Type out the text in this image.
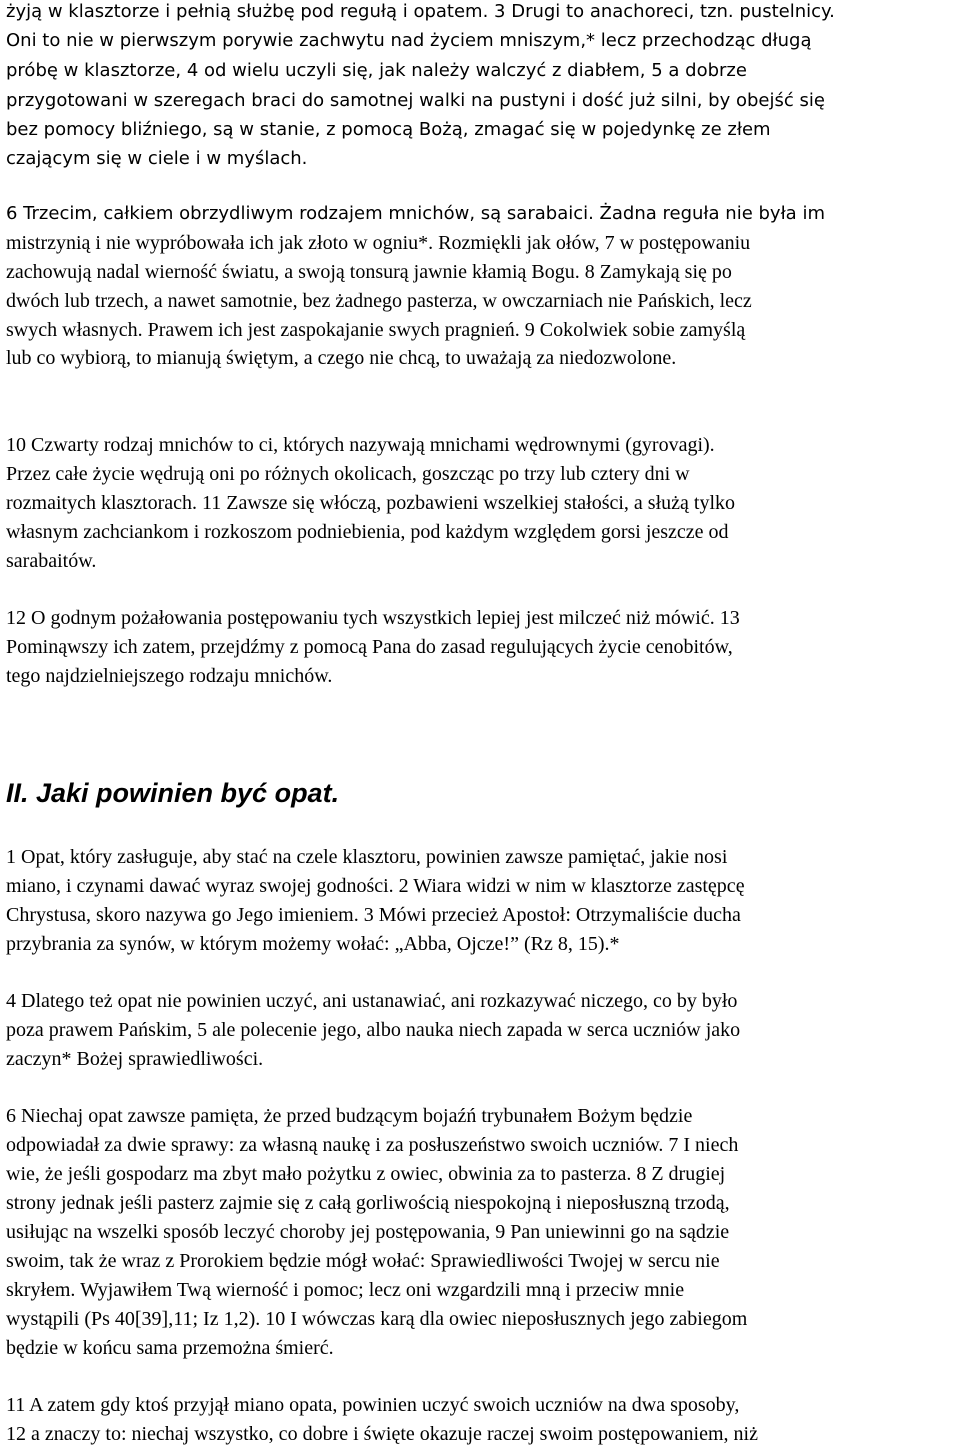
żyją w klasztorze i pełnią służbę pod regułą i opatem. 3 Drugi to anachoreci, tzn. pustelnicy.
Oni to nie w pierwszym porywie zachwytu nad życiem mniszym,* lecz przechodząc długą
próbę w klasztorze, 4 od wielu uczyli się, jak należy walczyć z diabłem, 5 a dobrze
przygotowani w szeregach braci do samotnej walki na pustyni i dość już silni, by obejść się
bez pomocy bliźniego, są w stanie, z pomocą Bożą, zmagać się w pojedynkę ze złem
czającym się w ciele i w myślach.
6 Trzecim, całkiem obrzydliwym rodzajem mnichów, są sarabaici. Żadna reguła nie była im
mistrzynią i nie wypróbowała ich jak złoto w ogniu*. Rozmiękli jak ołów, 7 w postępowaniu
zachowują nadal wierność światu, a swoją tonsurą jawnie kłamią Bogu. 8 Zamykają się po
dwóch lub trzech, a nawet samotnie, bez żadnego pasterza, w owczarniach nie Pańskich, lecz
swych własnych. Prawem ich jest zaspokajanie swych pragnień. 9 Cokolwiek sobie zamyślą
lub co wybiorą, to mianują świętym, a czego nie chcą, to uważają za niedozwolone.
10 Czwarty rodzaj mnichów to ci, których nazywają mnichami wędrownymi (gyrovagi).
Przez całe życie wędrują oni po różnych okolicach, goszcząc po trzy lub cztery dni w
rozmaitych klasztorach. 11 Zawsze się włóczą, pozbawieni wszelkiej stałości, a służą tylko
własnym zachciankom i rozkoszom podniebienia, pod każdym względem gorsi jeszcze od
sarabaitów.
12 O godnym pożałowania postępowaniu tych wszystkich lepiej jest milczeć niż mówić. 13
Pominąwszy ich zatem, przejdźmy z pomocą Pana do zasad regulujących życie cenobitów,
tego najdzielniejszego rodzaju mnichów.
II. Jaki powinien być opat.
1 Opat, który zasługuje, aby stać na czele klasztoru, powinien zawsze pamiętać, jakie nosi
miano, i czynami dawać wyraz swojej godności. 2 Wiara widzi w nim w klasztorze zastępcę
Chrystusa, skoro nazywa go Jego imieniem. 3 Mówi przecież Apostoł: Otrzymaliście ducha
przybrania za synów, w którym możemy wołać: „Abba, Ojcze!” (Rz 8, 15).*
4 Dlatego też opat nie powinien uczyć, ani ustanawiać, ani rozkazywać niczego, co by było
poza prawem Pańskim, 5 ale polecenie jego, albo nauka niech zapada w serca uczniów jako
zaczyn* Bożej sprawiedliwości.
6 Niechaj opat zawsze pamięta, że przed budzącym bojaźń trybunałem Bożym będzie
odpowiadał za dwie sprawy: za własną naukę i za posłuszeństwo swoich uczniów. 7 I niech
wie, że jeśli gospodarz ma zbyt mało pożytku z owiec, obwinia za to pasterza. 8 Z drugiej
strony jednak jeśli pasterz zajmie się z całą gorliwością niespokojną i nieposłuszną trzodą,
usiłując na wszelki sposób leczyć choroby jej postępowania, 9 Pan uniewinni go na sądzie
swoim, tak że wraz z Prorokiem będzie mógł wołać: Sprawiedliwości Twojej w sercu nie
skryłem. Wyjawiłem Twą wierność i pomoc; lecz oni wzgardzili mną i przeciw mnie
wystąpili (Ps 40[39],11; Iz 1,2). 10 I wówczas karą dla owiec nieposłusznych jego zabiegom
będzie w końcu sama przemożna śmierć.
11 A zatem gdy ktoś przyjął miano opata, powinien uczyć swoich uczniów na dwa sposoby,
12 a znaczy to: niechaj wszystko, co dobre i święte okazuje raczej swoim postępowaniem, niż
